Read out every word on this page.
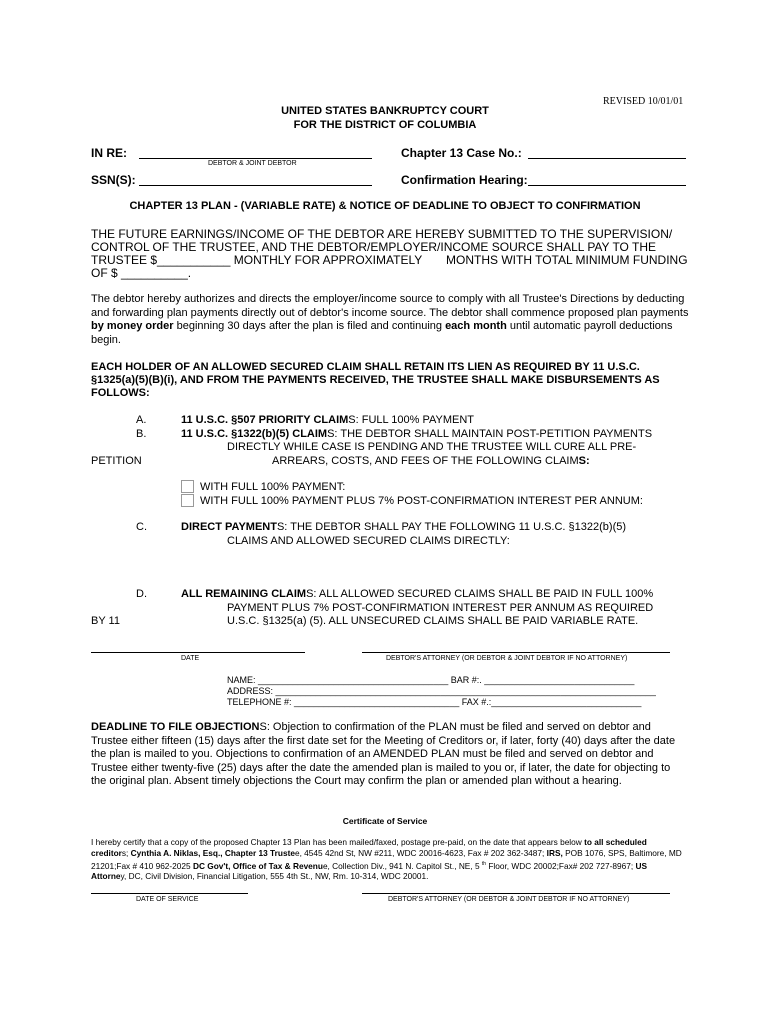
REVISED 10/01/01
UNITED STATES BANKRUPTCY COURT
FOR THE DISTRICT OF COLUMBIA
IN RE:
DEBTOR & JOINT DEBTOR
Chapter 13 Case No.:
SSN(S):	Confirmation Hearing:
CHAPTER 13 PLAN - (VARIABLE RATE) & NOTICE OF DEADLINE TO OBJECT TO CONFIRMATION
THE FUTURE EARNINGS/INCOME OF THE DEBTOR ARE HEREBY SUBMITTED TO THE SUPERVISION/
CONTROL OF THE TRUSTEE, AND THE DEBTOR/EMPLOYER/INCOME SOURCE SHALL PAY TO THE
TRUSTEE $___________ MONTHLY FOR APPROXIMATELY MONTHS WITH TOTAL MINIMUM FUNDING
OF $ __________.
The debtor hereby authorizes and directs the employer/income source to comply with all Trustee's Directions by deducting and forwarding plan payments directly out of debtor's income source. The debtor shall commence proposed plan payments by money order beginning 30 days after the plan is filed and continuing each month until automatic payroll deductions begin.
EACH HOLDER OF AN ALLOWED SECURED CLAIM SHALL RETAIN ITS LIEN AS REQUIRED BY 11 U.S.C.
§1325(a)(5)(B)(i), AND FROM THE PAYMENTS RECEIVED, THE TRUSTEE SHALL MAKE DISBURSEMENTS AS
FOLLOWS:
A.	11 U.S.C. §507 PRIORITY CLAIMS: FULL 100% PAYMENT
B.	11 U.S.C. §1322(b)(5) CLAIMS: THE DEBTOR SHALL MAINTAIN POST-PETITION PAYMENTS
DIRECTLY WHILE CASE IS PENDING AND THE TRUSTEE WILL CURE ALL PRE-
PETITION	ARREARS, COSTS, AND FEES OF THE FOLLOWING CLAIMS:
WITH FULL 100% PAYMENT:
WITH FULL 100% PAYMENT PLUS 7% POST-CONFIRMATION INTEREST PER ANNUM:
C.	DIRECT PAYMENTS: THE DEBTOR SHALL PAY THE FOLLOWING 11 U.S.C. §1322(b)(5)
CLAIMS AND ALLOWED SECURED CLAIMS DIRECTLY:
D.	ALL REMAINING CLAIMS: ALL ALLOWED SECURED CLAIMS SHALL BE PAID IN FULL 100%
PAYMENT PLUS 7% POST-CONFIRMATION INTEREST PER ANNUM AS REQUIRED
BY 11	U.S.C. §1325(a) (5). ALL UNSECURED CLAIMS SHALL BE PAID VARIABLE RATE.
DATE	DEBTOR'S ATTORNEY (OR DEBTOR & JOINT DEBTOR IF NO ATTORNEY)
NAME: ______________________________________ BAR #:. ______________________________
ADDRESS: ____________________________________________________________________________
TELEPHONE #: _________________________________ FAX #.:______________________________
DEADLINE TO FILE OBJECTIONS: Objection to confirmation of the PLAN must be filed and served on debtor and Trustee either fifteen (15) days after the first date set for the Meeting of Creditors or, if later, forty (40) days after the date the plan is mailed to you. Objections to confirmation of an AMENDED PLAN must be filed and served on debtor and Trustee either twenty-five (25) days after the date the amended plan is mailed to you or, if later, the date for objecting to the original plan. Absent timely objections the Court may confirm the plan or amended plan without a hearing.
Certificate of Service
I hereby certify that a copy of the proposed Chapter 13 Plan has been mailed/faxed, postage pre-paid, on the date that appears below to all scheduled creditors; Cynthia A. Niklas, Esq., Chapter 13 Trustee, 4545 42nd St, NW #211, WDC 20016-4623, Fax # 202 362-3487; IRS, POB 1076, SPS, Baltimore, MD 21201;Fax # 410 962-2025 DC Gov't, Office of Tax & Revenue, Collection Div., 941 N. Capitol St., NE, 5 $^{th}$ Floor, WDC 20002;Fax# 202 727-8967; US Attorney, DC, Civil Division, Financial Litigation, 555 4th St., NW, Rm. 10-314, WDC 20001.
DATE OF SERVICE	DEBTOR'S ATTORNEY (OR DEBTOR & JOINT DEBTOR IF NO ATTORNEY)
